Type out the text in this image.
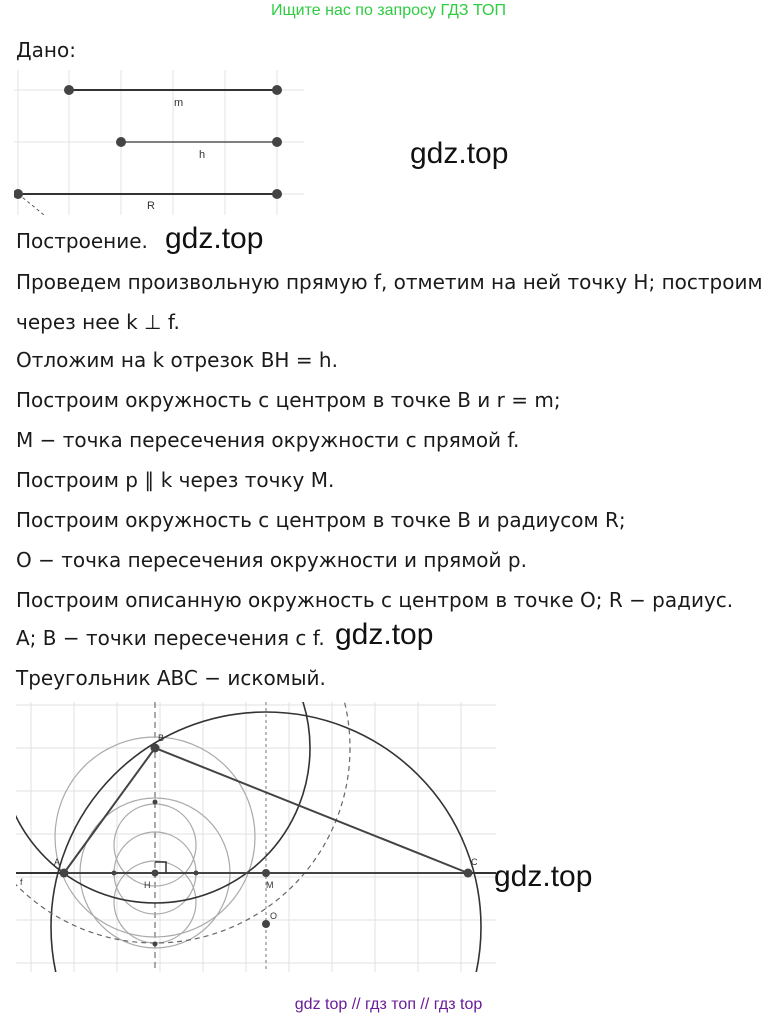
Ищите нас по запросу ГДЗ ТОП
Дано:
m
h
R
gdz.top
Построение. gdz.top
Проведем произвольную прямую f, отметим на ней точку H; построим
через нее k ⊥ f.
Отложим на k отрезок BH = h.
Построим окружность с центром в точке B и r = m;
M − точка пересечения окружности с прямой f.
Построим p ∥ k через точку M.
Построим окружность с центром в точке B и радиусом R;
O − точка пересечения окружности и прямой p.
Построим описанную окружность с центром в точке O; R − радиус.
A; B − точки пересечения с f. gdz.top
Треугольник ABC − искомый.
A
B
C
H	M
O
f	gdz.top
gdz top // гдз топ // гдз top
